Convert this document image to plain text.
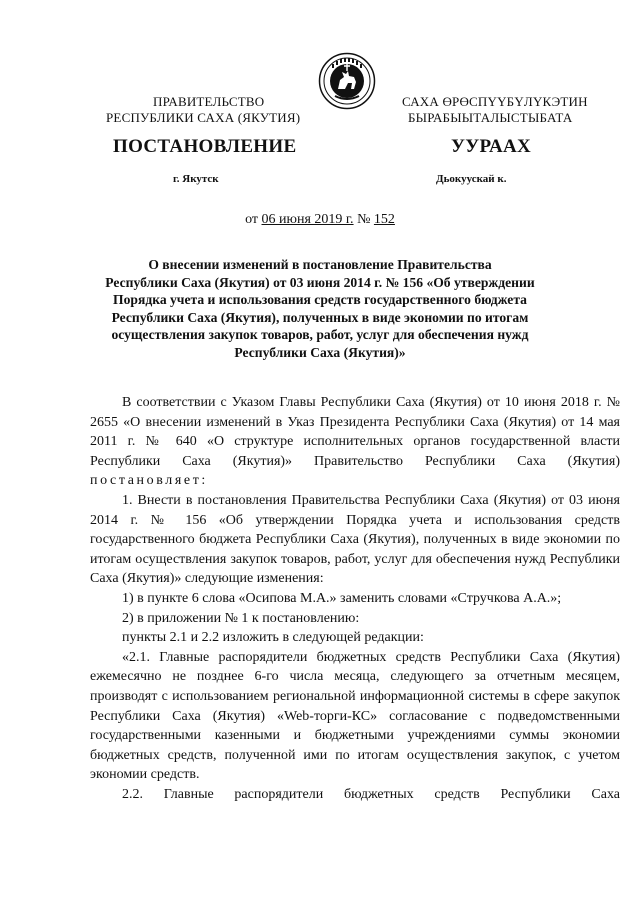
ПРАВИТЕЛЬСТВО
РЕСПУБЛИКИ САХА (ЯКУТИЯ)
САХА ӨРӨСПҮҮБҮЛҮКЭТИН
БЫРАБЫЫТАЛЫСТЫБАТА
ПОСТАНОВЛЕНИЕ	УУРААХ
г. Якутск	Дьокуускай к.
от 06 июня 2019 г. № 152
О внесении изменений в постановление Правительства
Республики Саха (Якутия) от 03 июня 2014 г. № 156 «Об утверждении
Порядка учета и использования средств государственного бюджета
Республики Саха (Якутия), полученных в виде экономии по итогам
осуществления закупок товаров, работ, услуг для обеспечения нужд
Республики Саха (Якутия)»
В соответствии с Указом Главы Республики Саха (Якутия) от 10 июня 2018 г. № 2655 «О внесении изменений в Указ Президента Республики Саха (Якутия) от 14 мая 2011 г. № 640 «О структуре исполнительных органов государственной власти Республики Саха (Якутия)» Правительство Республики Саха (Якутия) постановляет:
1. Внести в постановления Правительства Республики Саха (Якутия) от 03 июня 2014 г. № 156 «Об утверждении Порядка учета и использования средств государственного бюджета Республики Саха (Якутия), полученных в виде экономии по итогам осуществления закупок товаров, работ, услуг для обеспечения нужд Республики Саха (Якутия)» следующие изменения:
1) в пункте 6 слова «Осипова М.А.» заменить словами «Стручкова А.А.»;
2) в приложении № 1 к постановлению:
пункты 2.1 и 2.2 изложить в следующей редакции:
«2.1. Главные распорядители бюджетных средств Республики Саха (Якутия) ежемесячно не позднее 6-го числа месяца, следующего за отчетным месяцем, производят с использованием региональной информационной системы в сфере закупок Республики Саха (Якутия) «Web-торги-КС» согласование с подведомственными государственными казенными и бюджетными учреждениями суммы экономии бюджетных средств, полученной ими по итогам осуществления закупок, с учетом экономии средств.
2.2. Главные распорядители бюджетных средств Республики Саха
